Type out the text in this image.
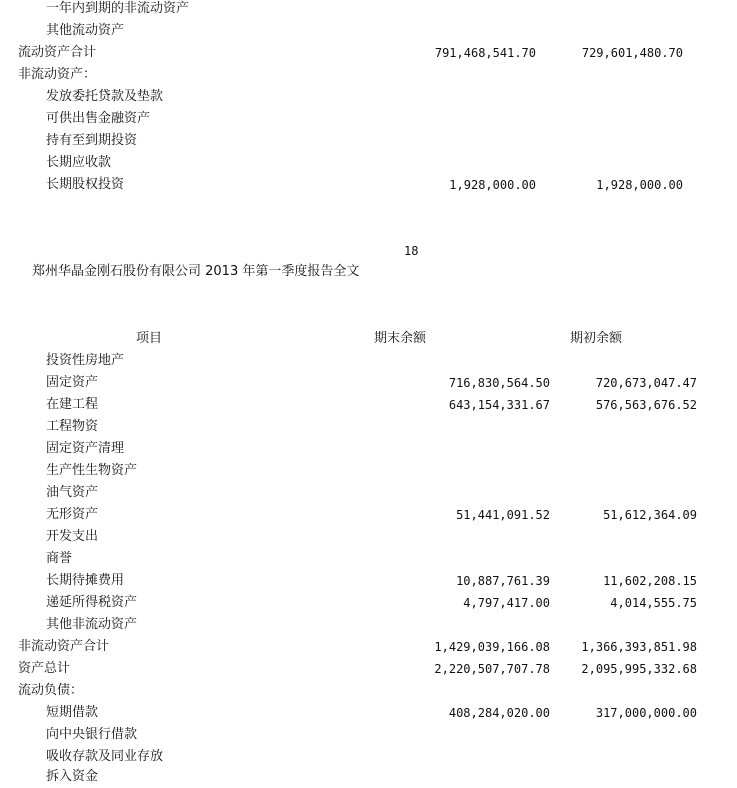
一年内到期的非流动资产
其他流动资产
流动资产合计	791,468,541.70	729,601,480.70
非流动资产：
发放委托贷款及垫款
可供出售金融资产
持有至到期投资
长期应收款
长期股权投资	1,928,000.00	1,928,000.00
18
郑州华晶金刚石股份有限公司 2013 年第一季度报告全文
项目	期末余额	期初余额
投资性房地产
固定资产	716,830,564.50	720,673,047.47
在建工程	643,154,331.67	576,563,676.52
工程物资
固定资产清理
生产性生物资产
油气资产
无形资产	51,441,091.52	51,612,364.09
开发支出
商誉
长期待摊费用	10,887,761.39	11,602,208.15
递延所得税资产	4,797,417.00	4,014,555.75
其他非流动资产
非流动资产合计	1,429,039,166.08	1,366,393,851.98
资产总计	2,220,507,707.78	2,095,995,332.68
流动负债：
短期借款	408,284,020.00	317,000,000.00
向中央银行借款
吸收存款及同业存放
拆入资金
